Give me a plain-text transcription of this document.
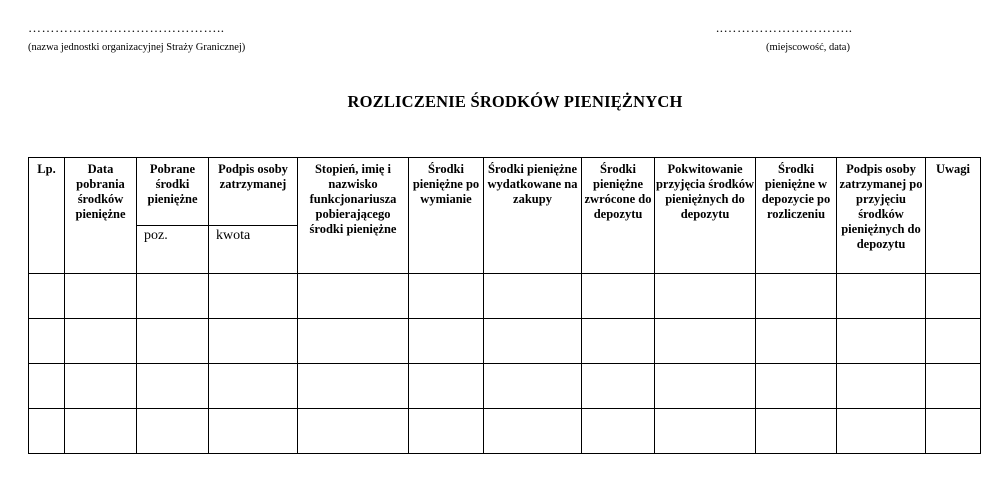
……………………………………..
(nazwa jednostki organizacyjnej Straży Granicznej)
..………………………..
(miejscowość, data)
ROZLICZENIE ŚRODKÓW PIENIĘŻNYCH
Lp.	Data pobrania środków pieniężne	Pobrane środki pieniężne	Podpis osoby zatrzymanej	Stopień, imię i nazwisko funkcjonariusza pobierającego środki pieniężne	Środki pieniężne po wymianie	Środki pieniężne wydatkowane na zakupy	Środki pieniężne zwrócone do depozytu	Pokwitowanie przyjęcia środków pieniężnych do depozytu	Środki pieniężne w depozycie po rozliczeniu	Podpis osoby zatrzymanej po przyjęciu środków pieniężnych do depozytu	Uwagi
		poz.	kwota								
